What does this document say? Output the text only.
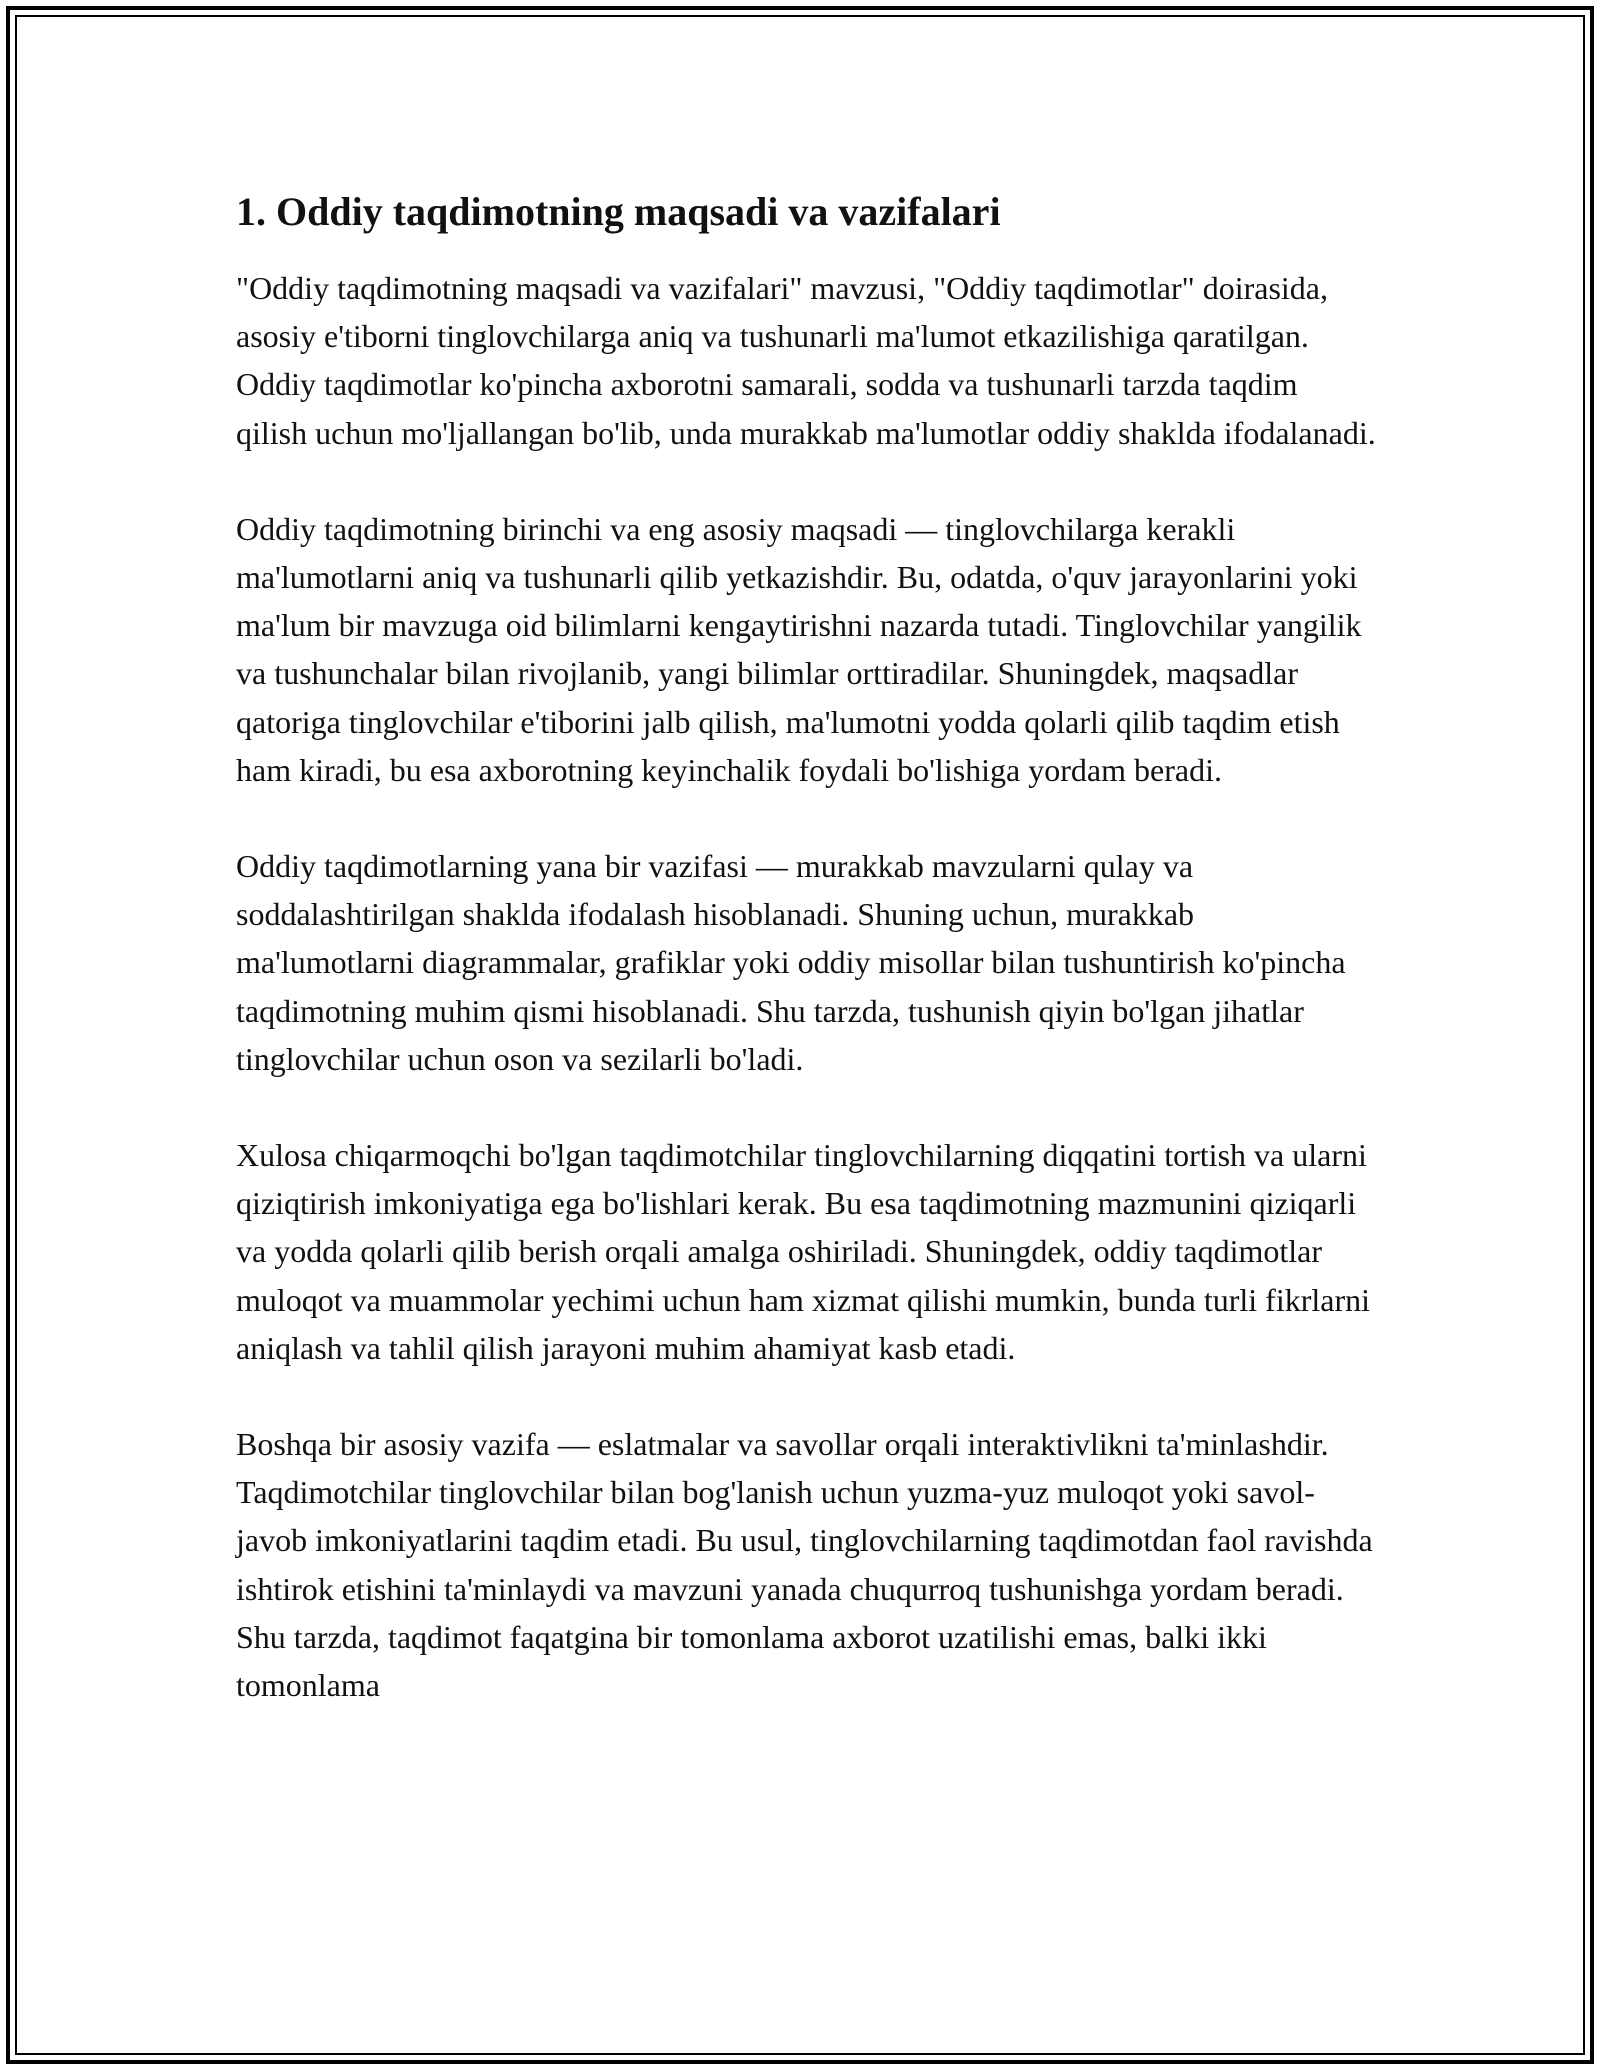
1. Oddiy taqdimotning maqsadi va vazifalari

"Oddiy taqdimotning maqsadi va vazifalari" mavzusi, "Oddiy taqdimotlar" doirasida, asosiy e'tiborni tinglovchilarga aniq va tushunarli ma'lumot etkazilishiga qaratilgan. Oddiy taqdimotlar ko'pincha axborotni samarali, sodda va tushunarli tarzda taqdim qilish uchun mo'ljallangan bo'lib, unda murakkab ma'lumotlar oddiy shaklda ifodalanadi.

Oddiy taqdimotning birinchi va eng asosiy maqsadi — tinglovchilarga kerakli ma'lumotlarni aniq va tushunarli qilib yetkazishdir. Bu, odatda, o'quv jarayonlarini yoki ma'lum bir mavzuga oid bilimlarni kengaytirishni nazarda tutadi. Tinglovchilar yangilik va tushunchalar bilan rivojlanib, yangi bilimlar orttiradilar. Shuningdek, maqsadlar qatoriga tinglovchilar e'tiborini jalb qilish, ma'lumotni yodda qolarli qilib taqdim etish ham kiradi, bu esa axborotning keyinchalik foydali bo'lishiga yordam beradi.

Oddiy taqdimotlarning yana bir vazifasi — murakkab mavzularni qulay va soddalashtirilgan shaklda ifodalash hisoblanadi. Shuning uchun, murakkab ma'lumotlarni diagrammalar, grafiklar yoki oddiy misollar bilan tushuntirish ko'pincha taqdimotning muhim qismi hisoblanadi. Shu tarzda, tushunish qiyin bo'lgan jihatlar tinglovchilar uchun oson va sezilarli bo'ladi.

Xulosa chiqarmoqchi bo'lgan taqdimotchilar tinglovchilarning diqqatini tortish va ularni qiziqtirish imkoniyatiga ega bo'lishlari kerak. Bu esa taqdimotning mazmunini qiziqarli va yodda qolarli qilib berish orqali amalga oshiriladi. Shuningdek, oddiy taqdimotlar muloqot va muammolar yechimi uchun ham xizmat qilishi mumkin, bunda turli fikrlarni aniqlash va tahlil qilish jarayoni muhim ahamiyat kasb etadi.

Boshqa bir asosiy vazifa — eslatmalar va savollar orqali interaktivlikni ta'minlashdir. Taqdimotchilar tinglovchilar bilan bog'lanish uchun yuzma-yuz muloqot yoki savol-javob imkoniyatlarini taqdim etadi. Bu usul, tinglovchilarning taqdimotdan faol ravishda ishtirok etishini ta'minlaydi va mavzuni yanada chuqurroq tushunishga yordam beradi. Shu tarzda, taqdimot faqatgina bir tomonlama axborot uzatilishi emas, balki ikki tomonlama
